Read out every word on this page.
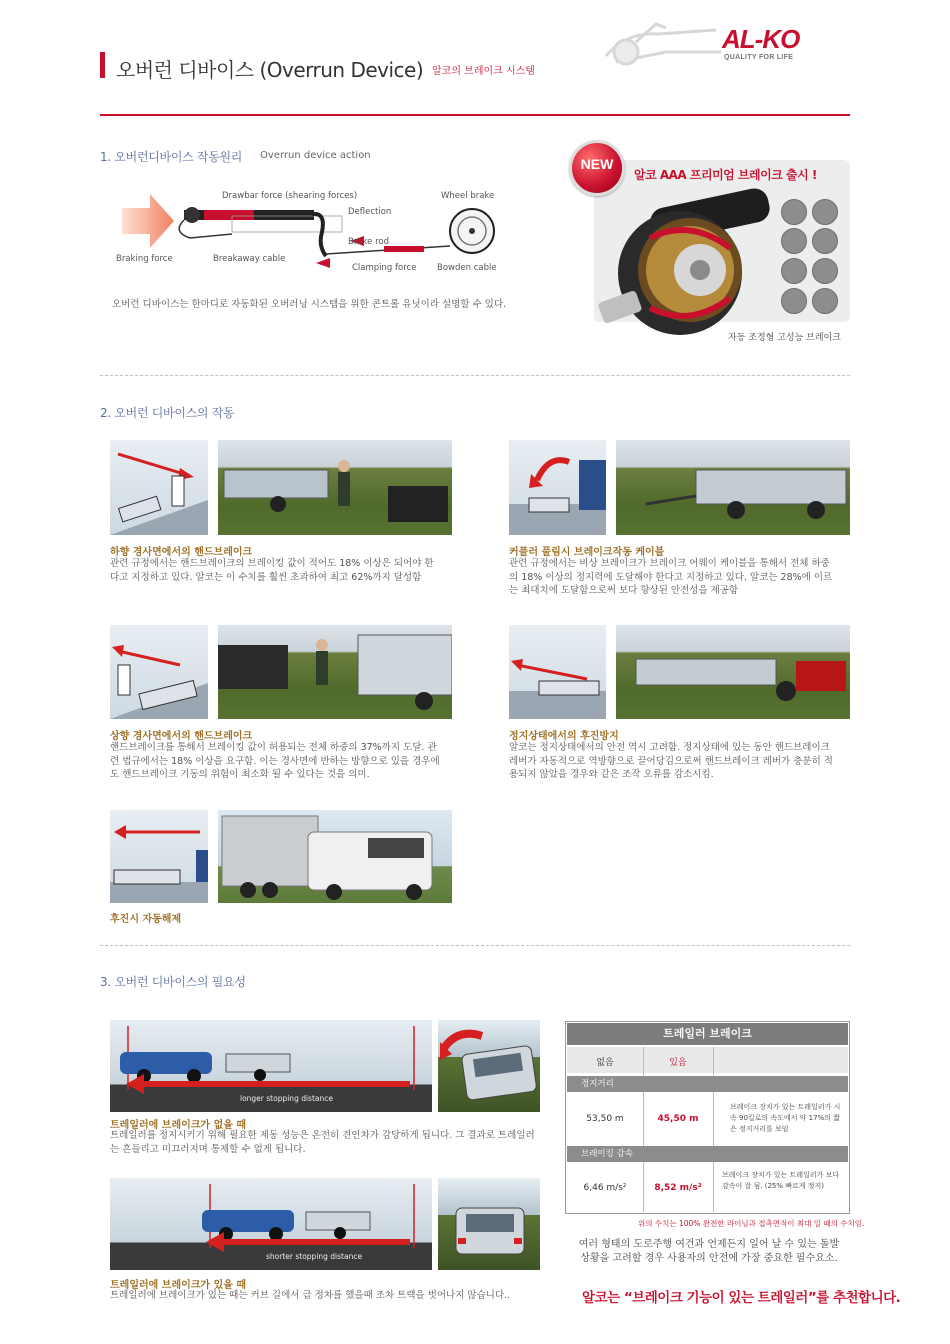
오버런 디바이스 (Overrun Device) 알코의 브레이크 시스템
AL-KO
QUALITY FOR LIFE
1. 오버런디바이스 작동원리 Overrun device action
Drawbar force (shearing forces)	Wheel brake
Deflection
Brake rod
Braking force	Breakaway cable
Clamping force Bowden cable
오버런 디바이스는 한마디로 자동화된 오버러닝 시스템을 위한 콘트롤 유닛이라 설명할 수 있다.
NEW
알코 AAA 프리미엄 브레이크 출시 !
자동 조정형 고성능 브레이크
2. 오버런 디바이스의 작동
하향 경사면에서의 핸드브레이크
관련 규정에서는 핸드브레이크의 브레이킹 값이 적어도 18% 이상은 되어야 한다고 지정하고 있다. 알코는 이 수치를 훨씬 초과하여 최고 62%까지 달성함
커플러 풀림시 브레이크작동 케이블
관련 규정에서는 비상 브레이크가 브레이크 어웨이 케이블을 통해서 전체 하중의 18% 이상의 정지력에 도달해야 한다고 지정하고 있다. 알코는 28%에 이르는 최대치에 도달함으로써 보다 향상된 안전성을 제공함
상향 경사면에서의 핸드브레이크
핸드브레이크를 통해서 브레이킹 값이 허용되는 전체 하중의 37%까지 도달. 관련 법규에서는 18% 이상을 요구함. 이는 경사면에 반하는 방향으로 있을 경우에도 핸드브레이크 기동의 위험이 최소화 될 수 있다는 것을 의미.
정지상태에서의 후진방지
알코는 정지상태에서의 안전 역시 고려함. 정지상태에 있는 동안 핸드브레이크 레버가 자동적으로 역방향으로 끌어당김으로써 핸드브레이크 레버가 충분히 적용되지 않았을 경우와 같은 조작 오류를 감소시킴.
후진시 자동해제
3. 오버런 디바이스의 필요성
longer stopping distance
트레일러에 브레이크가 없을 때
트레일러를 정지시키기 위해 필요한 제동 성능은 온전히 견인차가 감당하게 됩니다. 그 결과로 트레일러는 흔들리고 미끄러지며 통제할 수 없게 됩니다.
shorter stopping distance
트레일러에 브레이크가 있을 때
트레일러에 브레이크가 있는 때는 커브 길에서 급 정차를 했을때 조차 트랙을 벗어나지 않습니다..
트레일러 브레이크
없음	있음
정지거리
53,50 m	45,50 m
브레이크 장치가 있는 트레일러가 시속 90킬로의 속도에서 약 17%의 짧은 정지거리를 보임
브레이킹 감속
6,46 m/s²	8,52 m/s²
브레이크 장치가 있는 트레일러가 보다 감속이 잘 됨. (25% 빠르게 정지)
위의 수치는 100% 완전한 라이닝과 접촉면적이 최대 일 때의 수치임.
여러 형태의 도로주행 여건과 언제든지 일어 날 수 있는 돌발상황을 고려할 경우 사용자의 안전에 가장 중요한 필수요소.
알코는 “브레이크 기능이 있는 트레일러”를 추천합니다.
